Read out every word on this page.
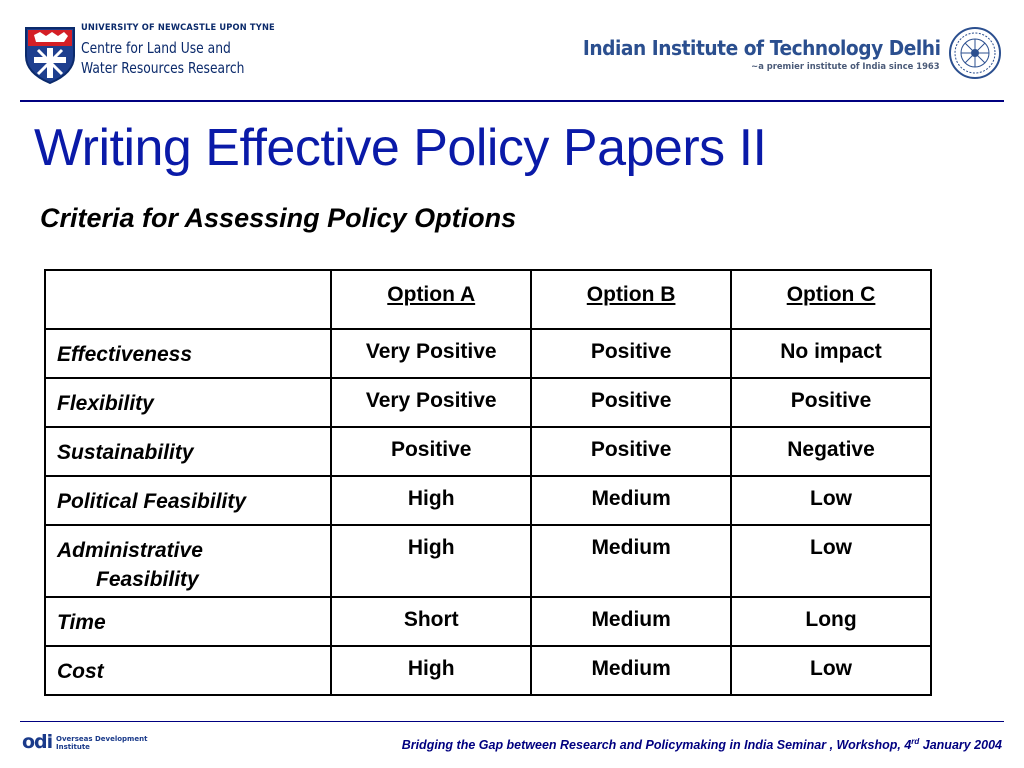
UNIVERSITY OF NEWCASTLE UPON TYNE
Centre for Land Use and
Water Resources Research
Indian Institute of Technology Delhi
~a premier institute of India since 1963
Writing Effective Policy Papers II
Criteria for Assessing Policy Options
	Option A	Option B	Option C

Effectiveness	Very Positive	Positive	No impact

Flexibility	Very Positive	Positive	Positive

Sustainability	Positive	Positive	Negative

Political Feasibility	High	Medium	Low

Administrative
Feasibility	High	Medium	Low

Time	Short	Medium	Long

Cost	High	Medium	Low
odi Overseas Development
Institute	Bridging the Gap between Research and Policymaking in India Seminar , Workshop, 4rd January 2004
